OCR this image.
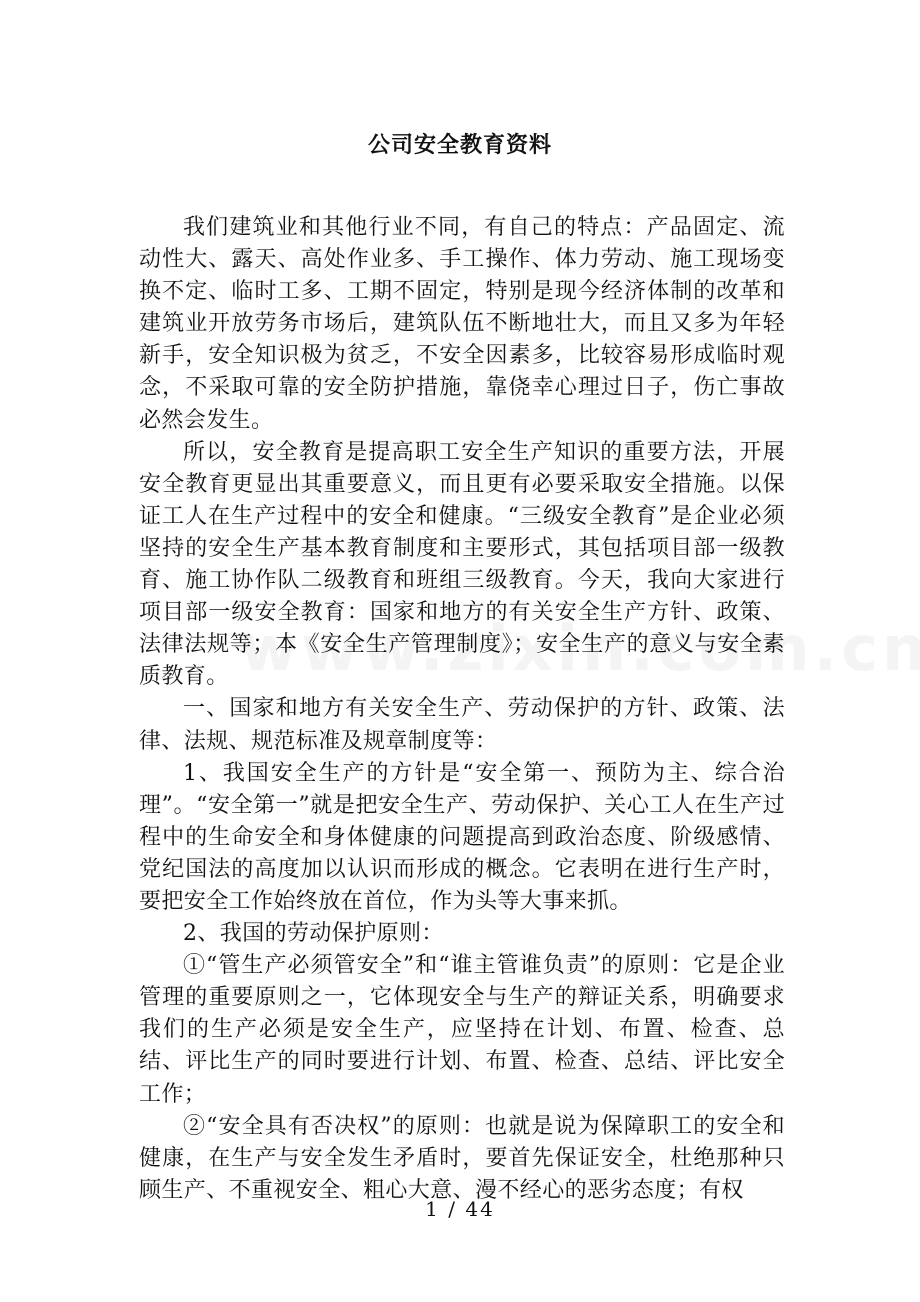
公司安全教育资料

我们建筑业和其他行业不同，有自己的特点：产品固定、流动性大、露天、高处作业多、手工操作、体力劳动、施工现场变换不定、临时工多、工期不固定，特别是现今经济体制的改革和建筑业开放劳务市场后，建筑队伍不断地壮大，而且又多为年轻新手，安全知识极为贫乏，不安全因素多，比较容易形成临时观念，不采取可靠的安全防护措施，靠侥幸心理过日子，伤亡事故必然会发生。

所以，安全教育是提高职工安全生产知识的重要方法，开展安全教育更显出其重要意义，而且更有必要采取安全措施。以保证工人在生产过程中的安全和健康。“三级安全教育”是企业必须坚持的安全生产基本教育制度和主要形式，其包括项目部一级教育、施工协作队二级教育和班组三级教育。今天，我向大家进行项目部一级安全教育：国家和地方的有关安全生产方针、政策、法律法规等；本《安全生产管理制度》；安全生产的意义与安全素质教育。

一、国家和地方有关安全生产、劳动保护的方针、政策、法律、法规、规范标准及规章制度等：

1、我国安全生产的方针是“安全第一、预防为主、综合治理”。“安全第一”就是把安全生产、劳动保护、关心工人在生产过程中的生命安全和身体健康的问题提高到政治态度、阶级感情、党纪国法的高度加以认识而形成的概念。它表明在进行生产时，要把安全工作始终放在首位，作为头等大事来抓。

2、我国的劳动保护原则：

①“管生产必须管安全”和“谁主管谁负责”的原则：它是企业管理的重要原则之一，它体现安全与生产的辩证关系，明确要求我们的生产必须是安全生产，应坚持在计划、布置、检查、总结、评比生产的同时要进行计划、布置、检查、总结、评比安全工作；

②“安全具有否决权”的原则：也就是说为保障职工的安全和健康，在生产与安全发生矛盾时，要首先保证安全，杜绝那种只顾生产、不重视安全、粗心大意、漫不经心的恶劣态度；有权

1 / 44
